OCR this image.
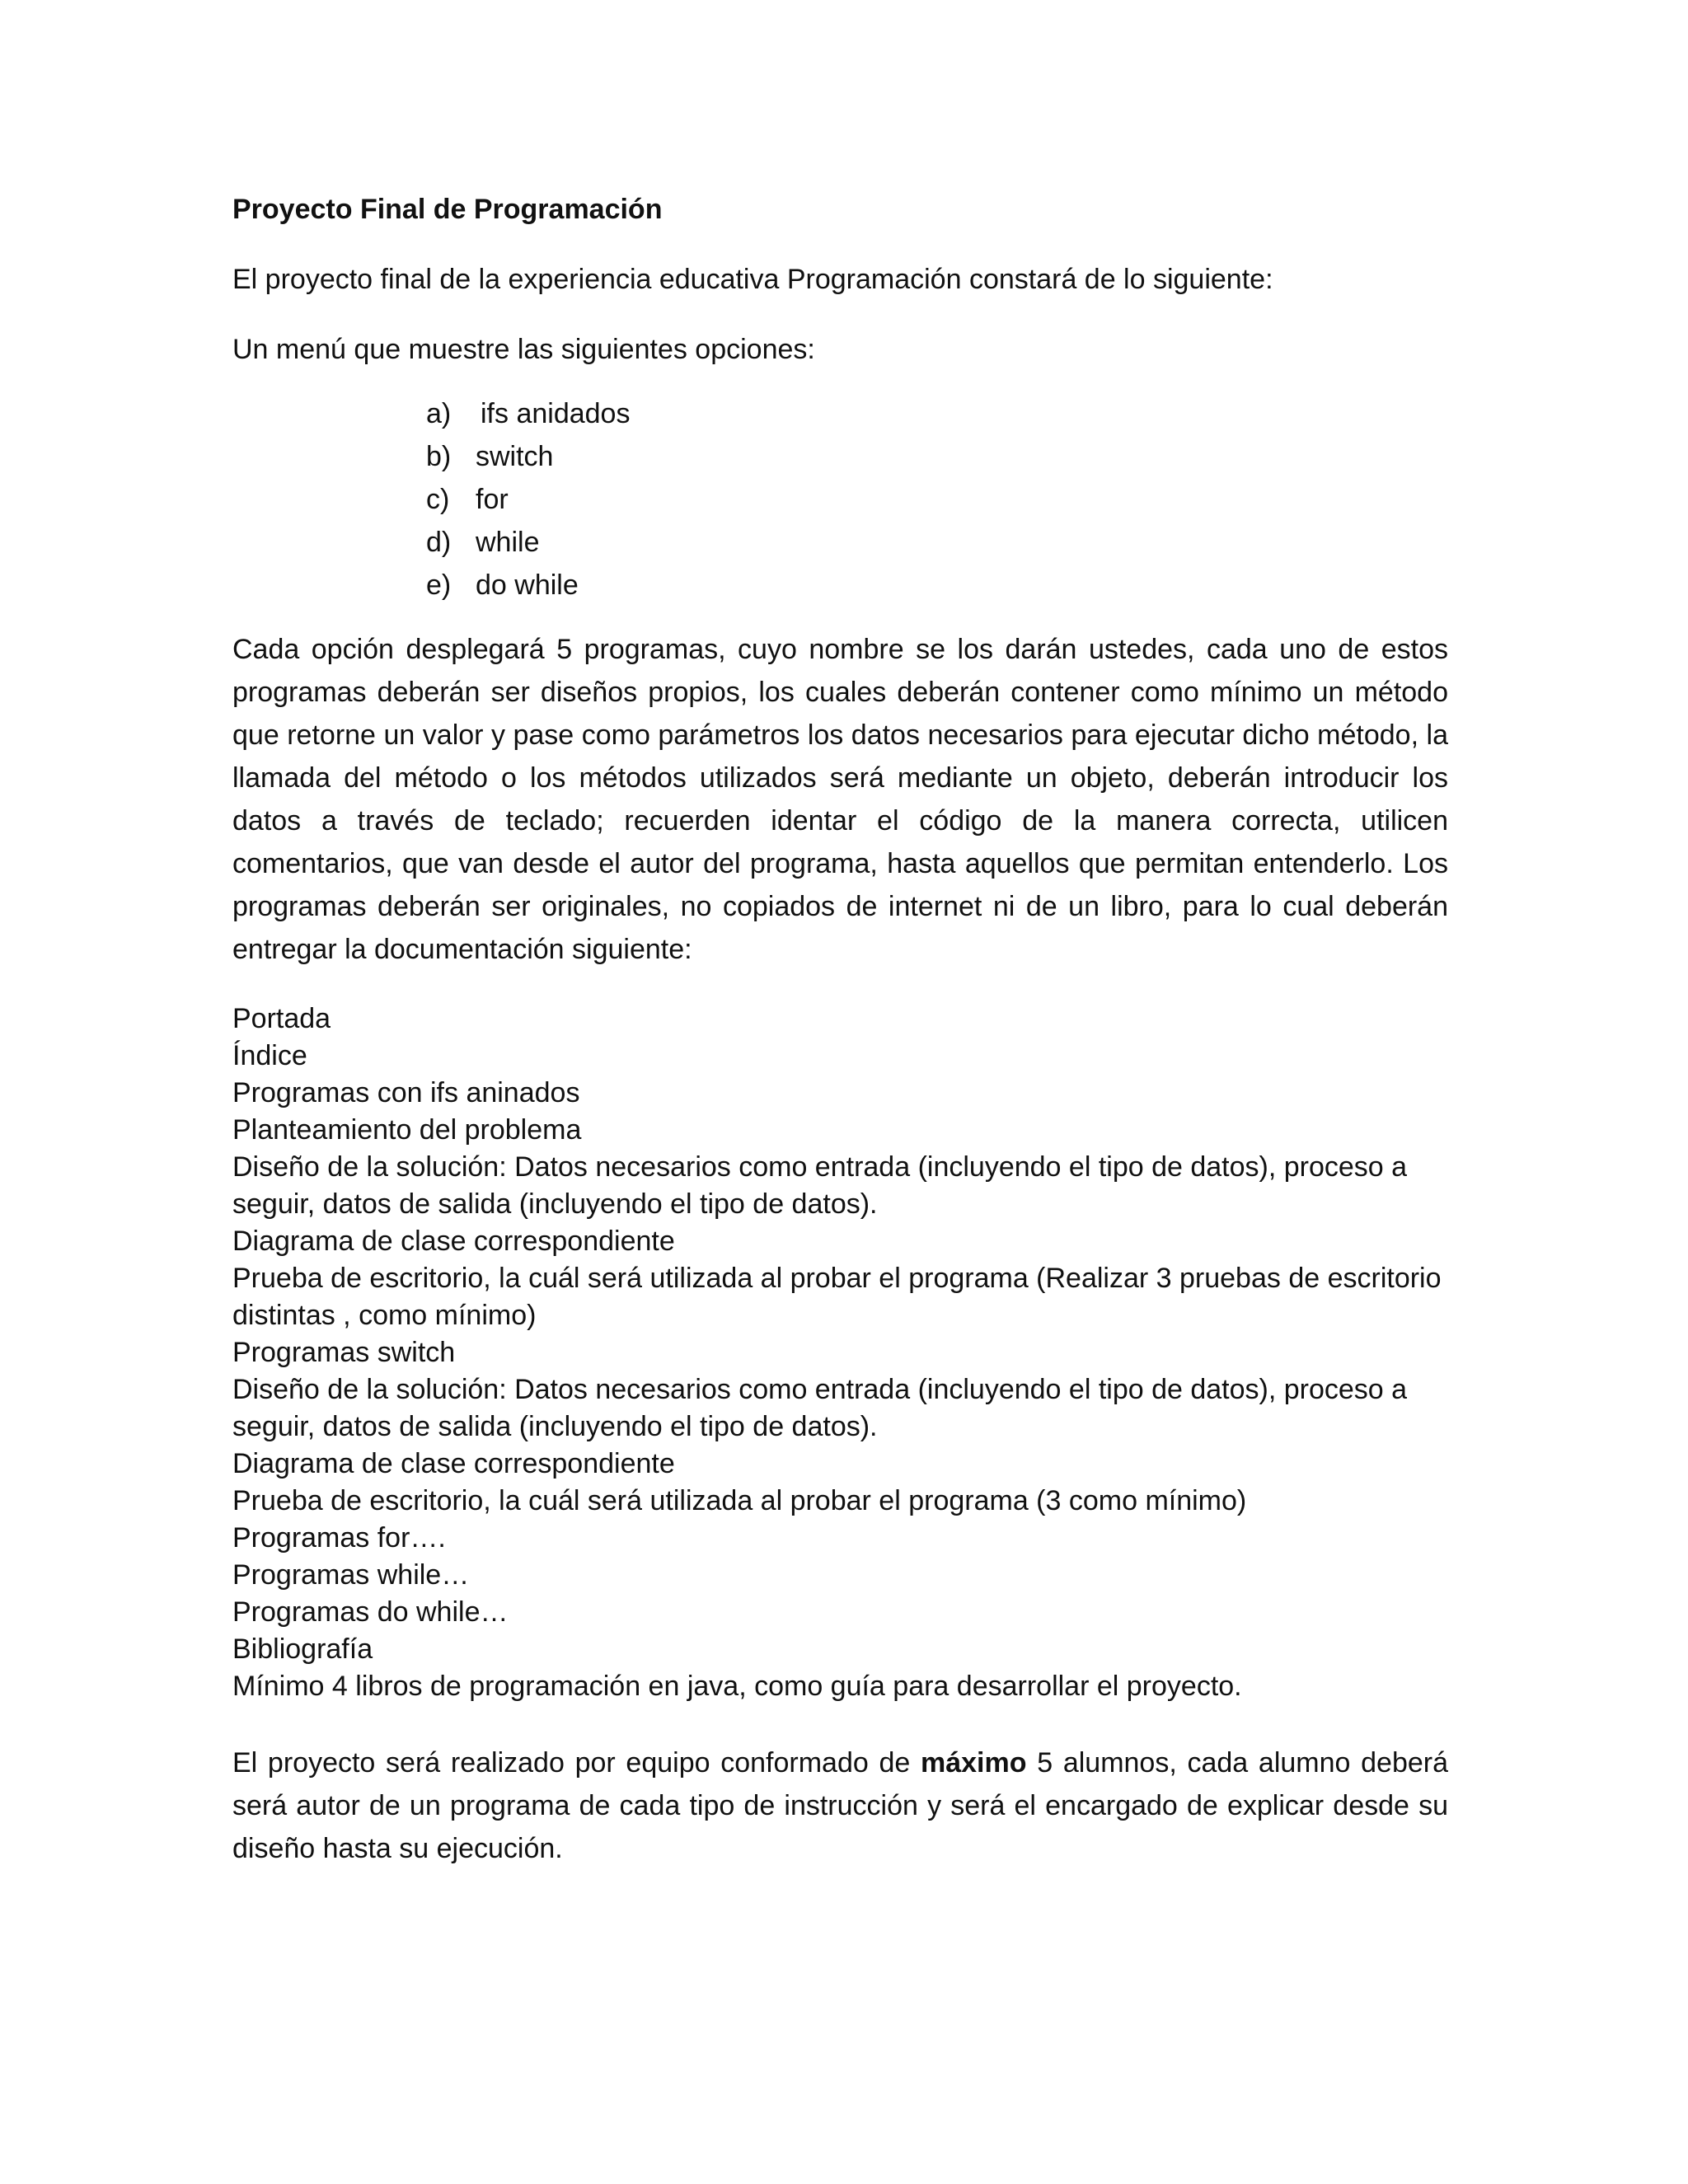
Proyecto Final de Programación

El proyecto final de la experiencia educativa Programación constará de lo siguiente:

Un menú que muestre las siguientes opciones:

a)	ifs anidados
b) switch
c) for
d) while
e) do while

Cada opción desplegará 5 programas, cuyo nombre se los darán ustedes, cada uno de estos programas deberán ser diseños propios, los cuales deberán contener como mínimo un método que retorne un valor y pase como parámetros los datos necesarios para ejecutar dicho método, la llamada del método o los métodos utilizados será mediante un objeto, deberán introducir los datos a través de teclado; recuerden identar el código de la manera correcta, utilicen comentarios, que van desde el autor del programa, hasta aquellos que permitan entenderlo. Los programas deberán ser originales, no copiados de internet ni de un libro, para lo cual deberán entregar la documentación siguiente:

Portada
Índice
Programas con ifs aninados
Planteamiento del problema
Diseño de la solución: Datos necesarios como entrada (incluyendo el tipo de datos), proceso a seguir, datos de salida (incluyendo el tipo de datos).
Diagrama de clase correspondiente
Prueba de escritorio, la cuál será utilizada al probar el programa (Realizar 3 pruebas de escritorio distintas , como mínimo)
Programas switch
Diseño de la solución: Datos necesarios como entrada (incluyendo el tipo de datos), proceso a seguir, datos de salida (incluyendo el tipo de datos).
Diagrama de clase correspondiente
Prueba de escritorio, la cuál será utilizada al probar el programa (3 como mínimo)
Programas for….
Programas while…
Programas do while…
Bibliografía
Mínimo 4 libros de programación en java, como guía para desarrollar el proyecto.

El proyecto será realizado por equipo conformado de máximo 5 alumnos, cada alumno deberá será autor de un programa de cada tipo de instrucción y será el encargado de explicar desde su diseño hasta su ejecución.
